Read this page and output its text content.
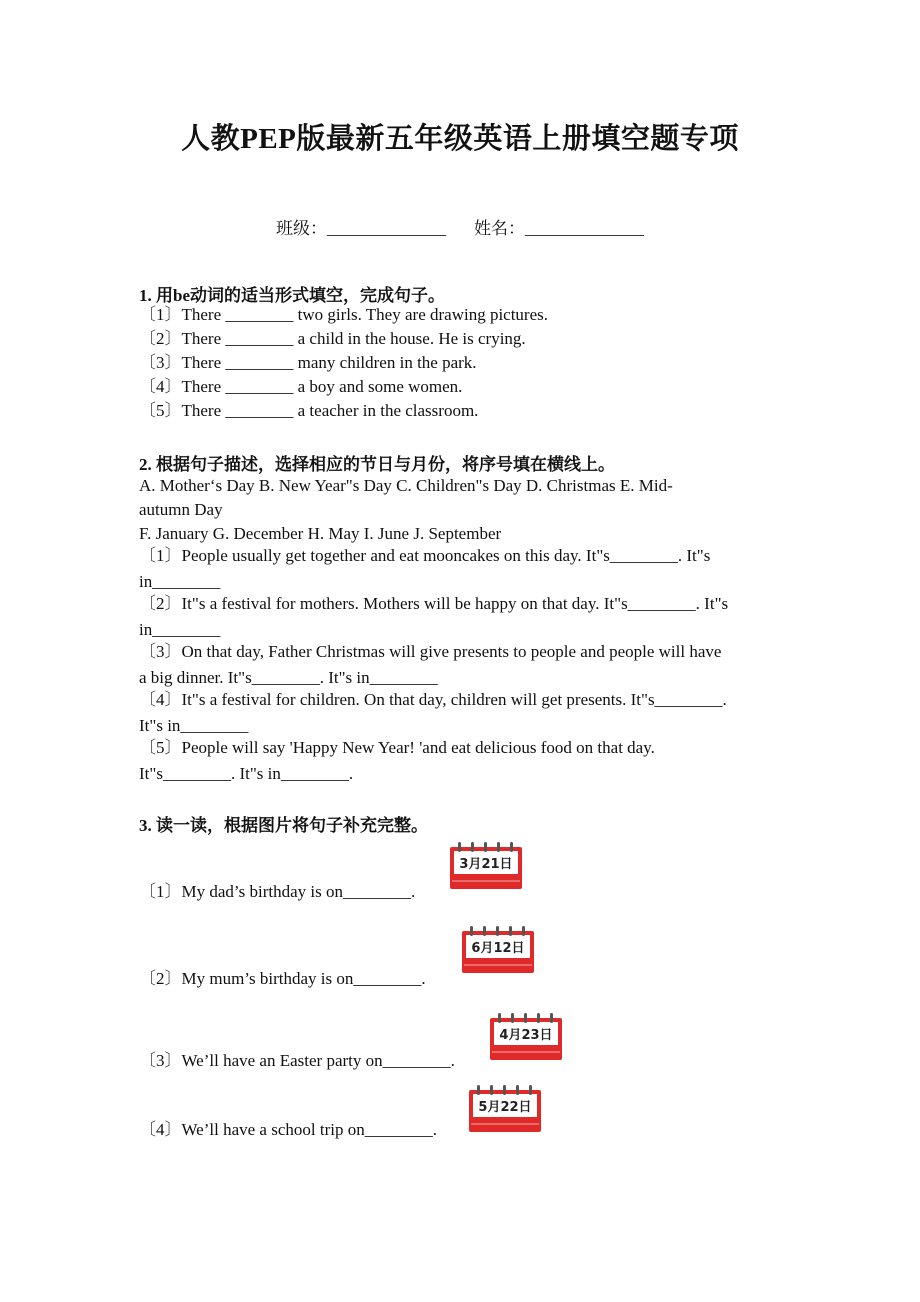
人教PEP版最新五年级英语上册填空题专项
班级：______________ 姓名：______________
1. 用be动词的适当形式填空，完成句子。
〔1〕There ________ two girls. They are drawing pictures.
〔2〕There ________ a child in the house. He is crying.
〔3〕There ________ many children in the park.
〔4〕There ________ a boy and some women.
〔5〕There ________ a teacher in the classroom.
2. 根据句子描述，选择相应的节日与月份，将序号填在横线上。
A. Mother‘s Day B. New Year"s Day C. Children"s Day D. Christmas E. Mid-
autumn Day
F. January G. December H. May I. June J. September
〔1〕People usually get together and eat mooncakes on this day. It"s________. It"s
in________
〔2〕It"s a festival for mothers. Mothers will be happy on that day. It"s________. It"s
in________
〔3〕On that day, Father Christmas will give presents to people and people will have
a big dinner. It"s________. It"s in________
〔4〕It"s a festival for children. On that day, children will get presents. It"s________.
It"s in________
〔5〕People will say 'Happy New Year! 'and eat delicious food on that day.
It"s________. It"s in________.
3. 读一读，根据图片将句子补充完整。
〔1〕My dad’s birthday is on________.
3月21日
〔2〕My mum’s birthday is on________.
6月12日
〔3〕We’ll have an Easter party on________.
4月23日
〔4〕We’ll have a school trip on________.
5月22日
